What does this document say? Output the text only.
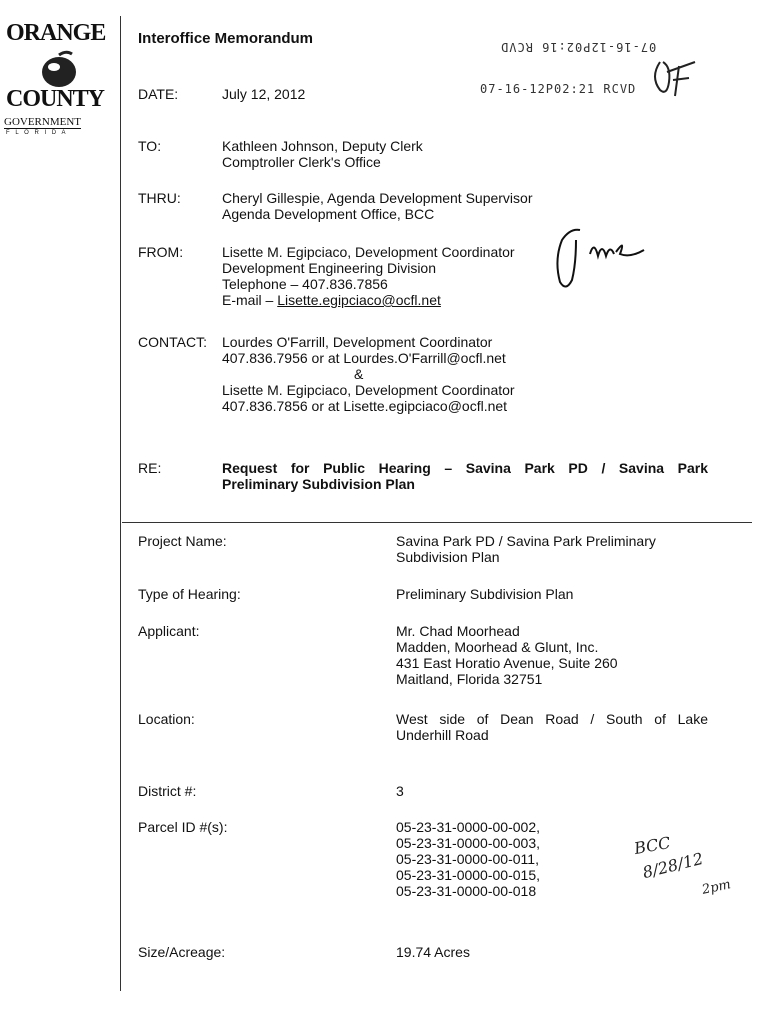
ORANGE
COUNTY
GOVERNMENT
F L O R I D A
Interoffice Memorandum	07-16-12P02:16 RCVD
07-16-12P02:21 RCVD
DATE:	July 12, 2012
TO:	Kathleen Johnson, Deputy Clerk
Comptroller Clerk's Office
THRU:	Cheryl Gillespie, Agenda Development Supervisor
Agenda Development Office, BCC
FROM:	Lisette M. Egipciaco, Development Coordinator
Development Engineering Division
Telephone – 407.836.7856
E-mail – Lisette.egipciaco@ocfl.net
CONTACT: Lourdes O'Farrill, Development Coordinator
407.836.7956 or at Lourdes.O'Farrill@ocfl.net
&
Lisette M. Egipciaco, Development Coordinator
407.836.7856 or at Lisette.egipciaco@ocfl.net
RE:	Request for Public Hearing – Savina Park PD / Savina Park
Preliminary Subdivision Plan
Project Name:	Savina Park PD / Savina Park Preliminary
Subdivision Plan
Type of Hearing:	Preliminary Subdivision Plan
Applicant:	Mr. Chad Moorhead
Madden, Moorhead & Glunt, Inc.
431 East Horatio Avenue, Suite 260
Maitland, Florida 32751
Location:	West side of Dean Road / South of Lake
Underhill Road
District #:	3
Parcel ID #(s):	05-23-31-0000-00-002,
05-23-31-0000-00-003,
05-23-31-0000-00-011,
05-23-31-0000-00-015,
05-23-31-0000-00-018
BCC
8/28/12
2pm
Size/Acreage:	19.74 Acres
